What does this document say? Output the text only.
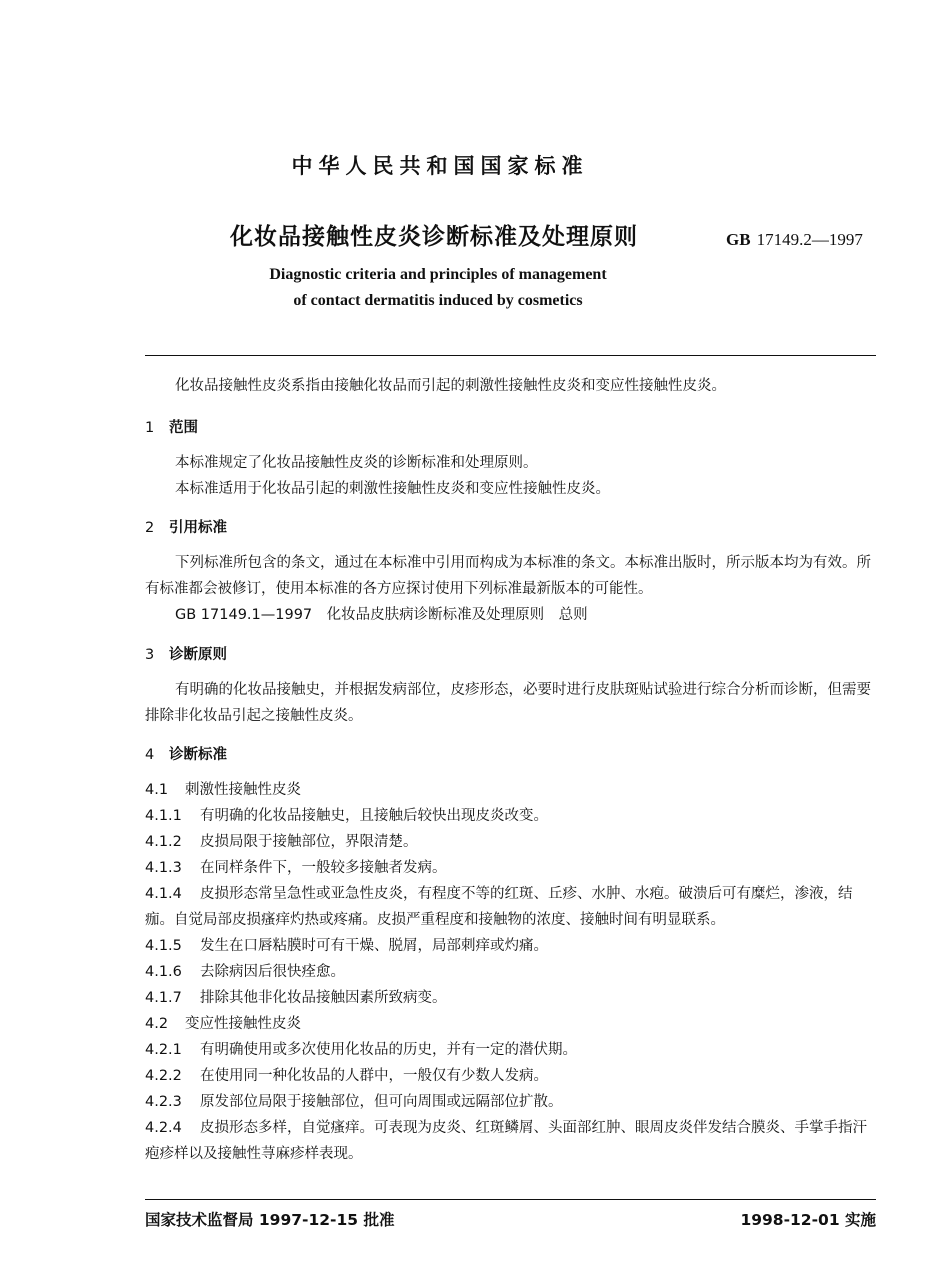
中华人民共和国国家标准
化妆品接触性皮炎诊断标准及处理原则	GB 17149.2—1997
Diagnostic criteria and principles of management
of contact dermatitis induced by cosmetics
化妆品接触性皮炎系指由接触化妆品而引起的刺激性接触性皮炎和变应性接触性皮炎。
1 范围
本标准规定了化妆品接触性皮炎的诊断标准和处理原则。
本标准适用于化妆品引起的刺激性接触性皮炎和变应性接触性皮炎。
2 引用标准
下列标准所包含的条文，通过在本标准中引用而构成为本标准的条文。本标准出版时，所示版本均为有效。所有标准都会被修订，使用本标准的各方应探讨使用下列标准最新版本的可能性。
GB 17149.1—1997　化妆品皮肤病诊断标准及处理原则　总则
3 诊断原则
有明确的化妆品接触史，并根据发病部位，皮疹形态，必要时进行皮肤斑贴试验进行综合分析而诊断，但需要排除非化妆品引起之接触性皮炎。
4 诊断标准
4.1 刺激性接触性皮炎
4.1.1 有明确的化妆品接触史，且接触后较快出现皮炎改变。
4.1.2 皮损局限于接触部位，界限清楚。
4.1.3 在同样条件下，一般较多接触者发病。
4.1.4 皮损形态常呈急性或亚急性皮炎，有程度不等的红斑、丘疹、水肿、水疱。破溃后可有糜烂，渗液，结痂。自觉局部皮损瘙痒灼热或疼痛。皮损严重程度和接触物的浓度、接触时间有明显联系。
4.1.5 发生在口唇粘膜时可有干燥、脱屑，局部刺痒或灼痛。
4.1.6 去除病因后很快痊愈。
4.1.7 排除其他非化妆品接触因素所致病变。
4.2 变应性接触性皮炎
4.2.1 有明确使用或多次使用化妆品的历史，并有一定的潜伏期。
4.2.2 在使用同一种化妆品的人群中，一般仅有少数人发病。
4.2.3 原发部位局限于接触部位，但可向周围或远隔部位扩散。
4.2.4 皮损形态多样，自觉瘙痒。可表现为皮炎、红斑鳞屑、头面部红肿、眼周皮炎伴发结合膜炎、手掌手指汗疱疹样以及接触性荨麻疹样表现。
国家技术监督局 1997-12-15 批准	1998-12-01 实施
